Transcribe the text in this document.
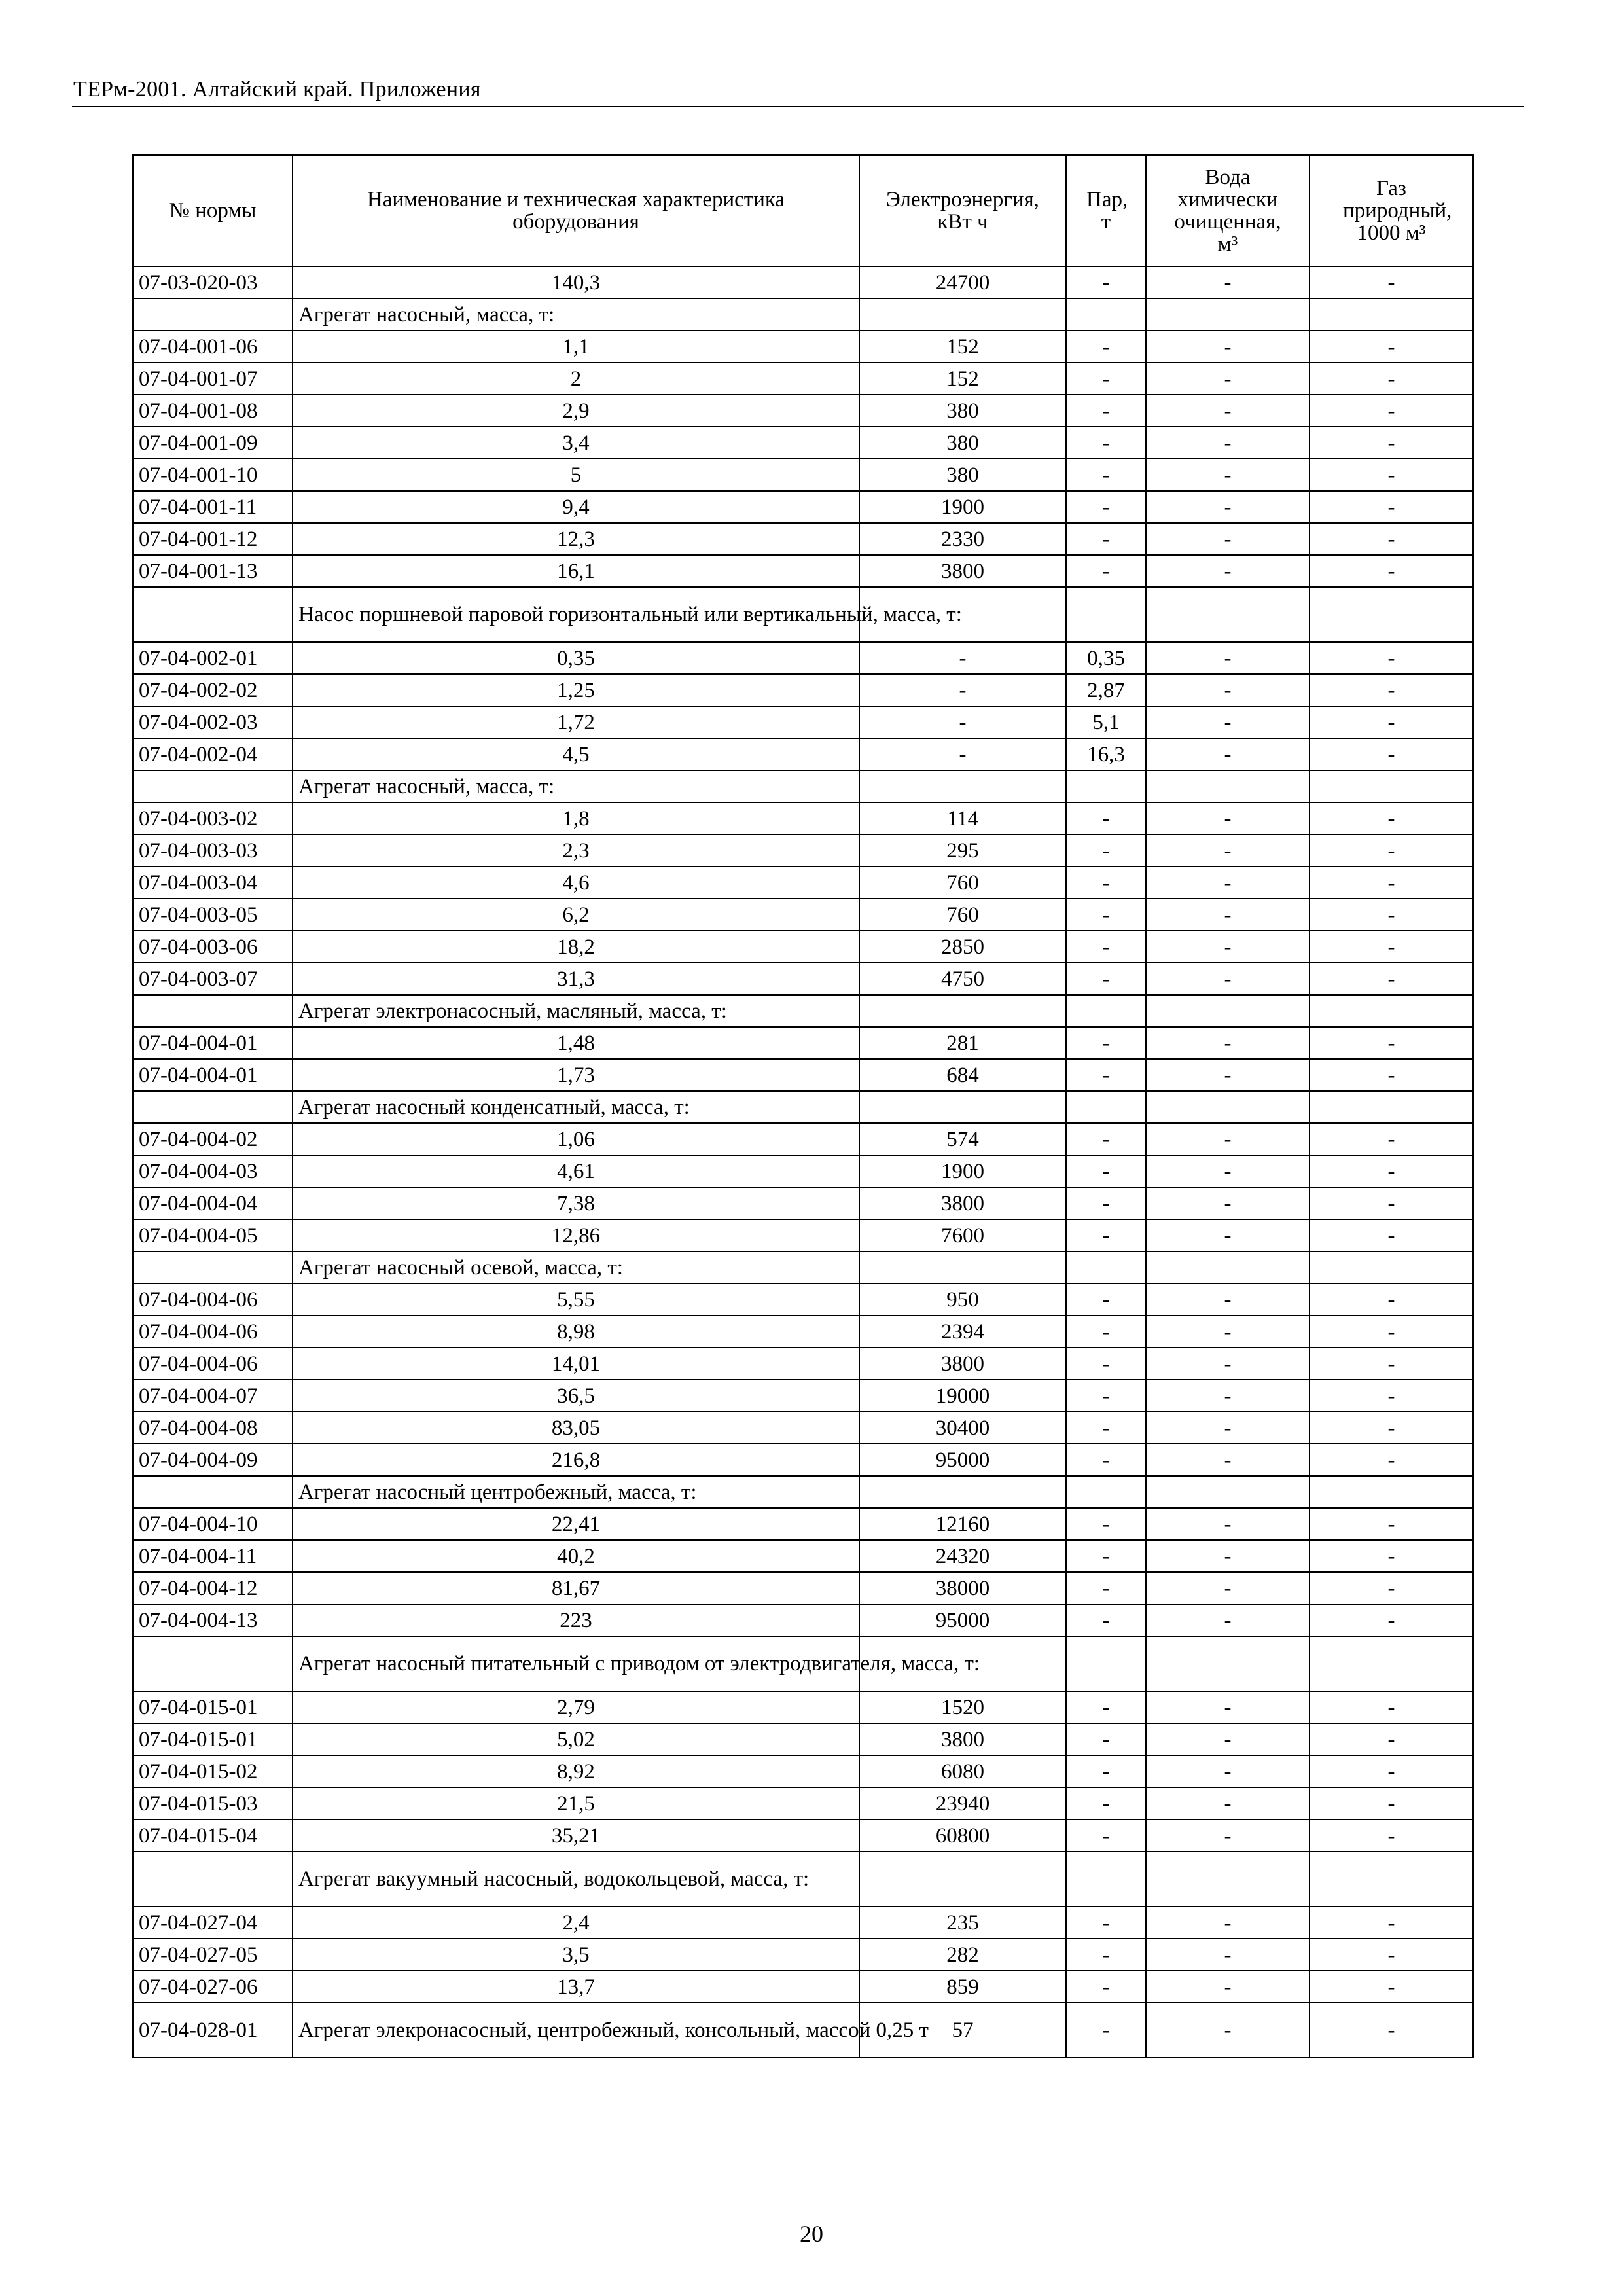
ТЕРм-2001. Алтайский край. Приложения
№ нормы	Наименование и техническая характеристика оборудования	Электроэнергия, кВт ч	Пар, т	Вода химически очищенная, м³	Газ природный, 1000 м³
07-03-020-03	140,3	24700	-	-	-
	Агрегат насосный, масса, т:				
07-04-001-06	1,1	152	-	-	-
07-04-001-07	2	152	-	-	-
07-04-001-08	2,9	380	-	-	-
07-04-001-09	3,4	380	-	-	-
07-04-001-10	5	380	-	-	-
07-04-001-11	9,4	1900	-	-	-
07-04-001-12	12,3	2330	-	-	-
07-04-001-13	16,1	3800	-	-	-
	Насос поршневой паровой горизонтальный или вертикальный, масса, т:				
07-04-002-01	0,35	-	0,35	-	-
07-04-002-02	1,25	-	2,87	-	-
07-04-002-03	1,72	-	5,1	-	-
07-04-002-04	4,5	-	16,3	-	-
	Агрегат насосный, масса, т:				
07-04-003-02	1,8	114	-	-	-
07-04-003-03	2,3	295	-	-	-
07-04-003-04	4,6	760	-	-	-
07-04-003-05	6,2	760	-	-	-
07-04-003-06	18,2	2850	-	-	-
07-04-003-07	31,3	4750	-	-	-
	Агрегат электронасосный, масляный, масса, т:				
07-04-004-01	1,48	281	-	-	-
07-04-004-01	1,73	684	-	-	-
	Агрегат насосный конденсатный, масса, т:				
07-04-004-02	1,06	574	-	-	-
07-04-004-03	4,61	1900	-	-	-
07-04-004-04	7,38	3800	-	-	-
07-04-004-05	12,86	7600	-	-	-
	Агрегат насосный осевой, масса, т:				
07-04-004-06	5,55	950	-	-	-
07-04-004-06	8,98	2394	-	-	-
07-04-004-06	14,01	3800	-	-	-
07-04-004-07	36,5	19000	-	-	-
07-04-004-08	83,05	30400	-	-	-
07-04-004-09	216,8	95000	-	-	-
	Агрегат насосный центробежный, масса, т:				
07-04-004-10	22,41	12160	-	-	-
07-04-004-11	40,2	24320	-	-	-
07-04-004-12	81,67	38000	-	-	-
07-04-004-13	223	95000	-	-	-
	Агрегат насосный питательный с приводом от электродвигателя, масса, т:				
07-04-015-01	2,79	1520	-	-	-
07-04-015-01	5,02	3800	-	-	-
07-04-015-02	8,92	6080	-	-	-
07-04-015-03	21,5	23940	-	-	-
07-04-015-04	35,21	60800	-	-	-
	Агрегат вакуумный насосный, водокольцевой, масса, т:				
07-04-027-04	2,4	235	-	-	-
07-04-027-05	3,5	282	-	-	-
07-04-027-06	13,7	859	-	-	-
07-04-028-01	Агрегат элекронасосный, центробежный, консольный, массой 0,25 т	57	-	-	-
20
